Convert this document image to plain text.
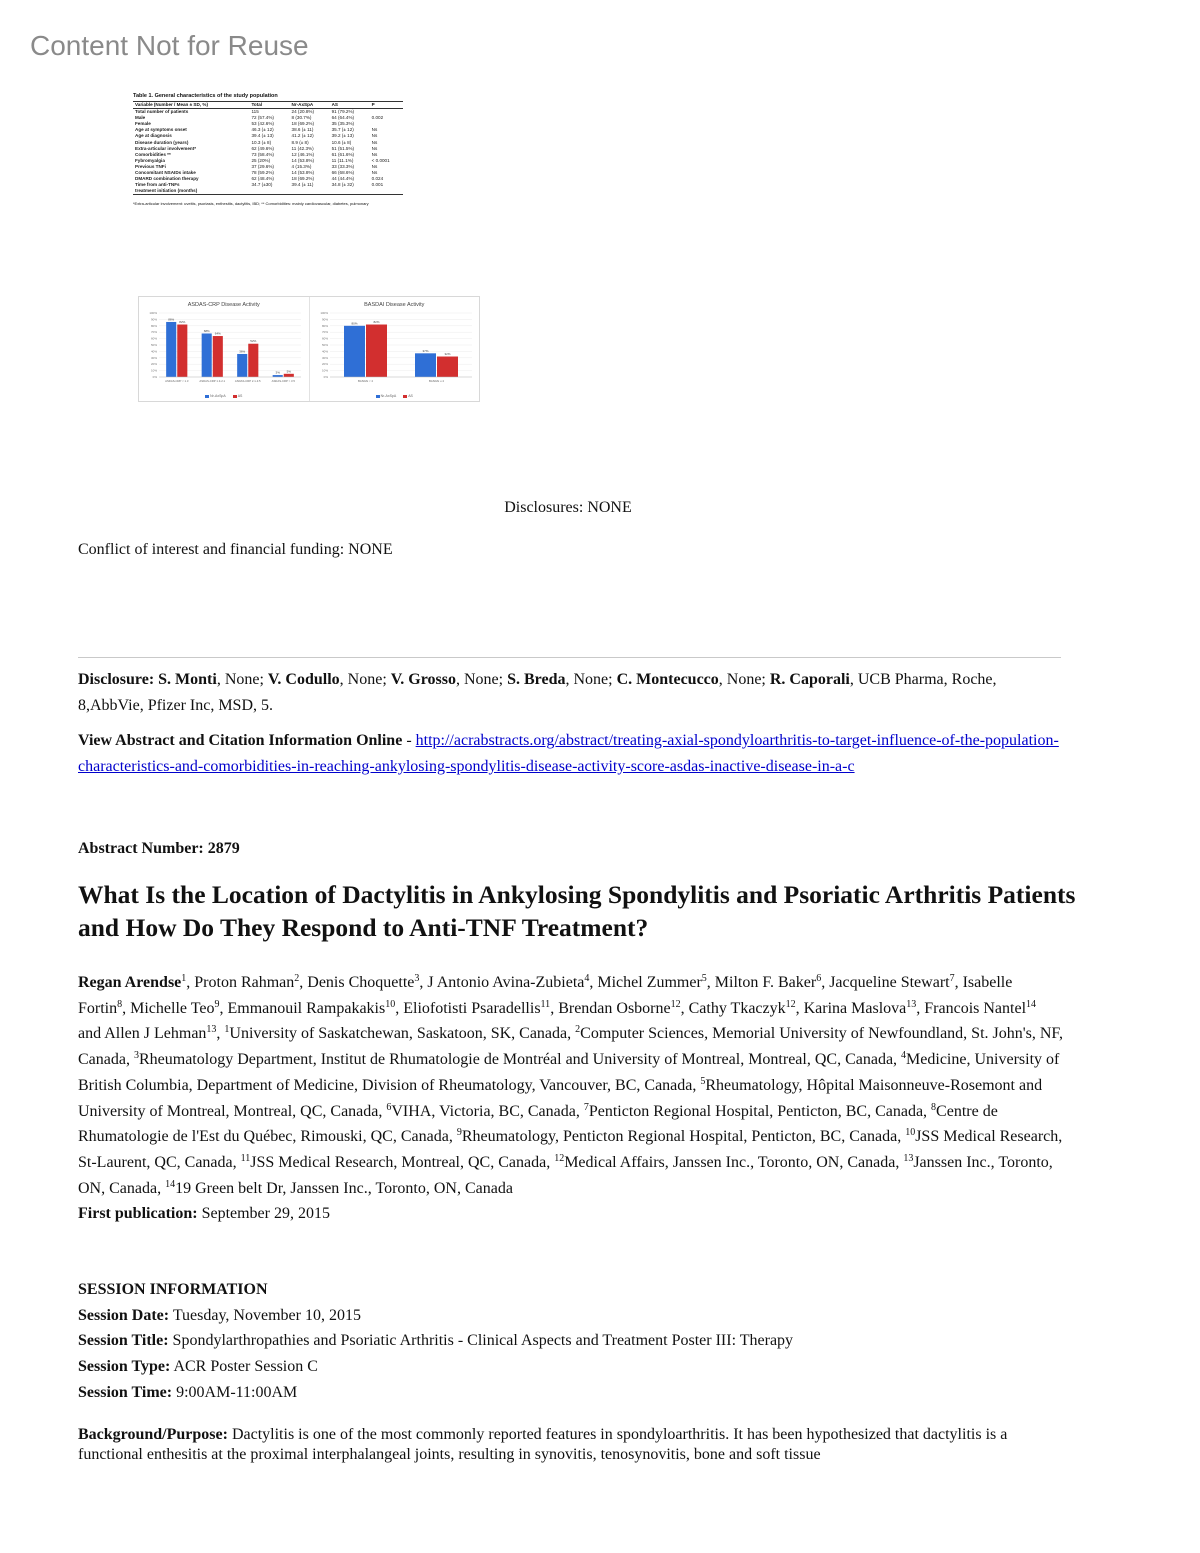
Content Not for Reuse
Table 1. General characteristics of the study population
Variable (Number / Mean ± SD, %)	Total	Nr-AxSpA	AS	P
Total number of patients	115	24 (20.8%)	91 (79.2%)	
Male	72 (57.4%)	8 (30.7%)	64 (64.4%)	0.002
Female	53 (42.6%)	18 (69.2%)	35 (35.3%)	
Age at symptoms onset	46.3 (± 12)	38.6 (± 11)	35.7 (± 12)	Ns
Age at diagnosis	39.4 (± 13)	41.2 (± 12)	39.2 (± 13)	Ns
Disease duration (years)	10.3 (± 8)	8.9 (± 8)	10.6 (± 8)	Ns
Extra-articular involvement*	62 (49.6%)	11 (42.3%)	51 (51.5%)	Ns
Comorbidities **	73 (58.4%)	12 (46.1%)	61 (61.6%)	Ns
Fybromyalgia	25 (20%)	14 (53.8%)	11 (11.1%)	< 0.0001
Previous TNFi	37 (29.6%)	4 (15.3%)	33 (33.3%)	Ns
Concomitant NSAIDs intake	78 (59.2%)	14 (53.8%)	66 (68.6%)	Ns
DMARD combination therapy	62 (48.4%)	18 (69.2%)	44 (44.4%)	0.024
Time from anti-TNFs	34.7 (±30)	39.4 (± 11)	34.8 (± 32)	0.001
treatment initiation (months)				
*Extra-articular involvement: uveitis, psoriasis, enthesitis, dactylitis, IBD; ** Comorbidities: mainly cardiovascular, diabetes, pulmonary
ASDAS-CRP Disease Activity
0%
10%
20%
30%
40%
50%
60%
70%
80%
90%
100%
86%
82%
ASDAS-CRP < 1.3
68%
64%
ASDAS-CRP 1.3-2.1
36%
52%
ASDAS-CRP 2.1-3.5
3% 5%
ASDAS-CRP > 3.5
Nr-AxSpA	AS
BASDAI Disease Activity
0%
10%
20%
30%
40%
50%
60%
70%
80%
90%
100%
80%	82%
BASDAI < 4
37%
32%
BASDAI ≥ 4
Nr-AxSpA	AS
Disclosures: NONE
Conflict of interest and financial funding: NONE
Disclosure: S. Monti, None; V. Codullo, None; V. Grosso, None; S. Breda, None; C. Montecucco, None; R. Caporali, UCB Pharma, Roche, 8,AbbVie, Pfizer Inc, MSD, 5.
View Abstract and Citation Information Online - http://acrabstracts.org/abstract/treating-axial-spondyloarthritis-to-target-influence-of-the-population-characteristics-and-comorbidities-in-reaching-ankylosing-spondylitis-disease-activity-score-asdas-inactive-disease-in-a-c
Abstract Number: 2879
What Is the Location of Dactylitis in Ankylosing Spondylitis and Psoriatic Arthritis Patients and How Do They Respond to Anti-TNF Treatment?
Regan Arendse$^1$, Proton Rahman$^2$, Denis Choquette$^3$, J Antonio Avina-Zubieta$^4$, Michel Zummer$^5$, Milton F. Baker$^6$, Jacqueline Stewart$^7$, Isabelle Fortin$^8$, Michelle Teo$^9$, Emmanouil Rampakakis$^{10}$, Eliofotisti Psaradellis$^{11}$, Brendan Osborne$^{12}$, Cathy Tkaczyk$^{12}$, Karina Maslova$^{13}$, Francois Nantel$^{14}$ and Allen J Lehman$^{13}$, $^1$University of Saskatchewan, Saskatoon, SK, Canada, $^2$Computer Sciences, Memorial University of Newfoundland, St. John's, NF, Canada, $^3$Rheumatology Department, Institut de Rhumatologie de Montréal and University of Montreal, Montreal, QC, Canada, $^4$Medicine, University of British Columbia, Department of Medicine, Division of Rheumatology, Vancouver, BC, Canada, $^5$Rheumatology, Hôpital Maisonneuve-Rosemont and University of Montreal, Montreal, QC, Canada, $^6$VIHA, Victoria, BC, Canada, $^7$Penticton Regional Hospital, Penticton, BC, Canada, $^8$Centre de Rhumatologie de l'Est du Québec, Rimouski, QC, Canada, $^9$Rheumatology, Penticton Regional Hospital, Penticton, BC, Canada, $^{10}$JSS Medical Research, St-Laurent, QC, Canada, $^{11}$JSS Medical Research, Montreal, QC, Canada, $^{12}$Medical Affairs, Janssen Inc., Toronto, ON, Canada, $^{13}$Janssen Inc., Toronto, ON, Canada, $^{14}$19 Green belt Dr, Janssen Inc., Toronto, ON, Canada
First publication: September 29, 2015
SESSION INFORMATION
Session Date: Tuesday, November 10, 2015
Session Title: Spondylarthropathies and Psoriatic Arthritis - Clinical Aspects and Treatment Poster III: Therapy
Session Type: ACR Poster Session C
Session Time: 9:00AM-11:00AM
Background/Purpose: Dactylitis is one of the most commonly reported features in spondyloarthritis. It has been hypothesized that dactylitis is a functional enthesitis at the proximal interphalangeal joints, resulting in synovitis, tenosynovitis, bone and soft tissue
